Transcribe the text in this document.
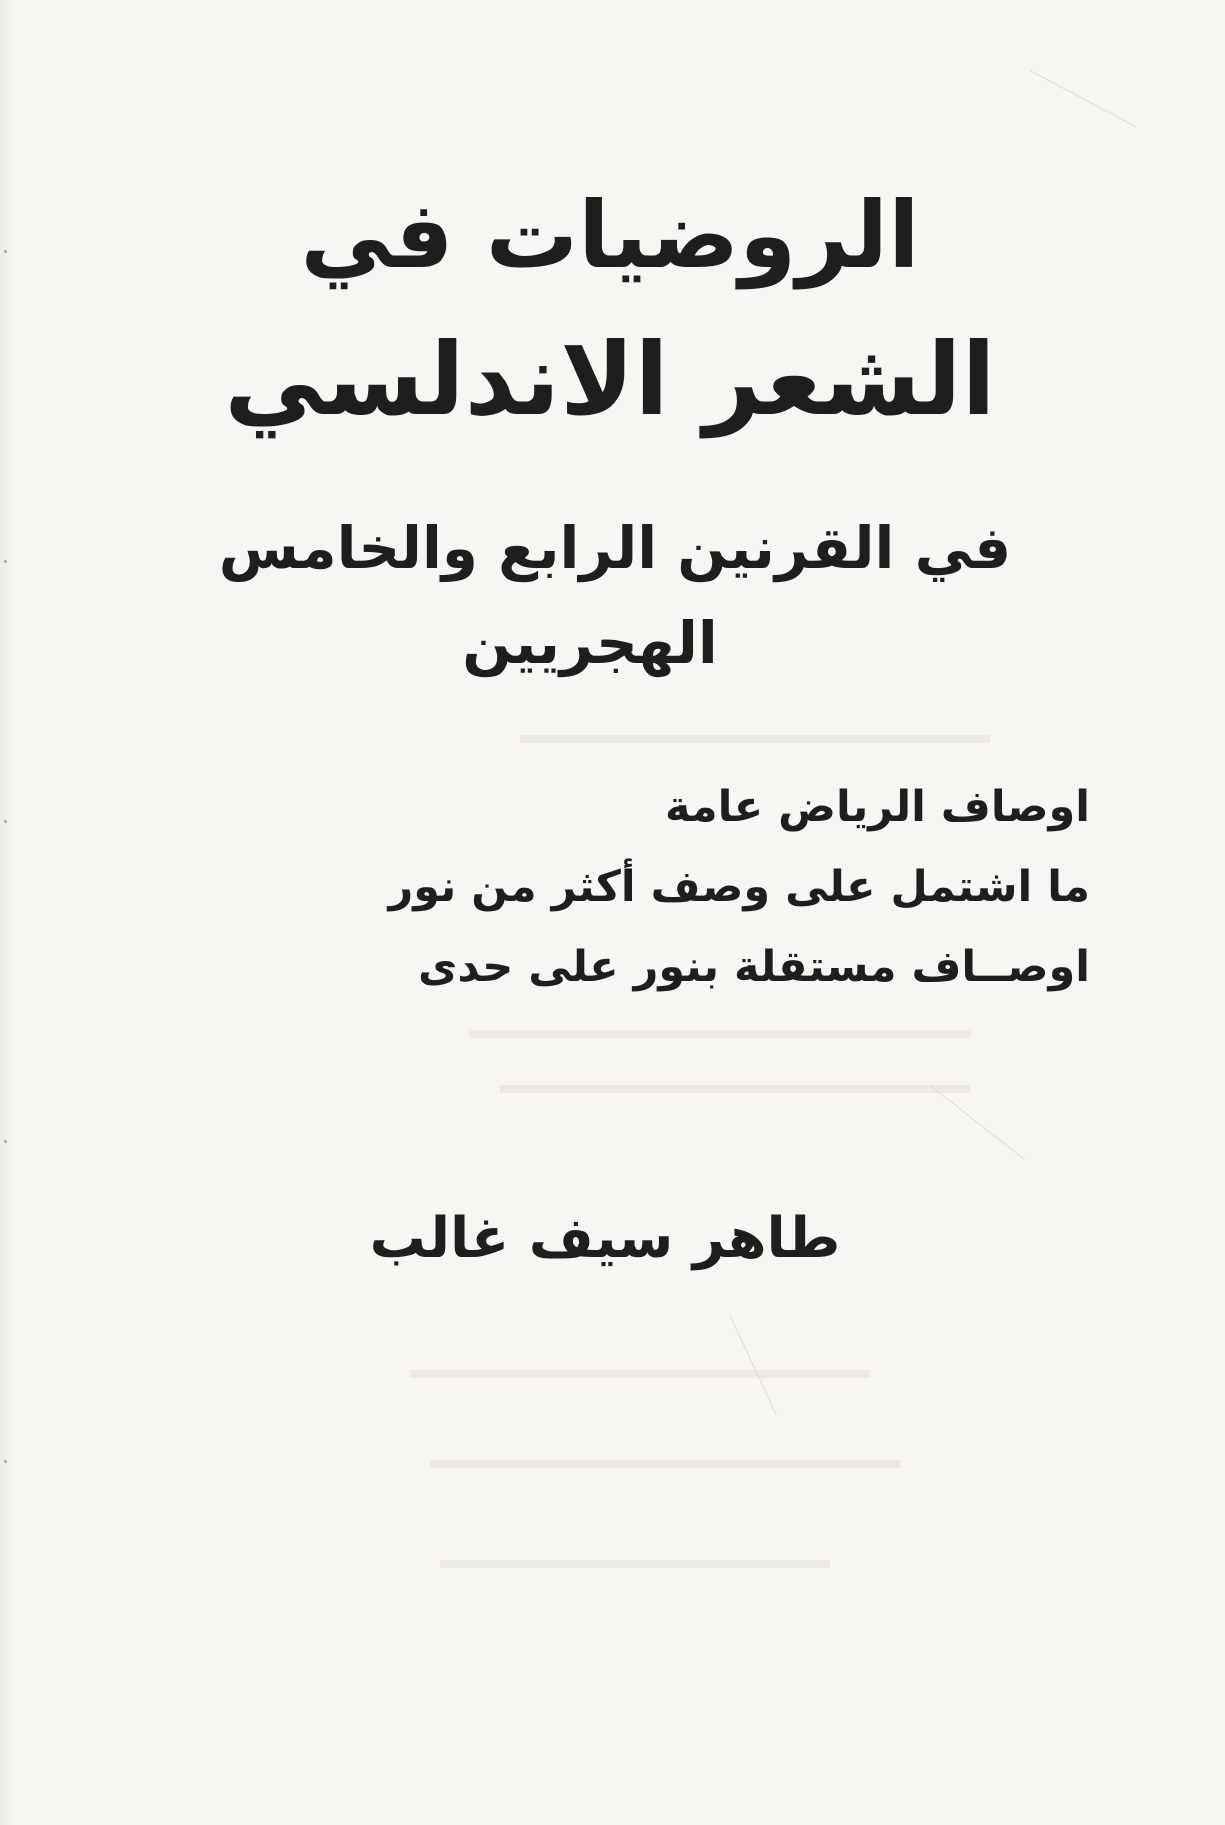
الروضيات في
الشعر الاندلسي
في القرنين الرابع والخامس
الهجريين
اوصاف الرياض عامة
ما اشتمل على وصف أكثر من نور
اوصــاف مستقلة بنور على حدى
طاهر سيف غالب
